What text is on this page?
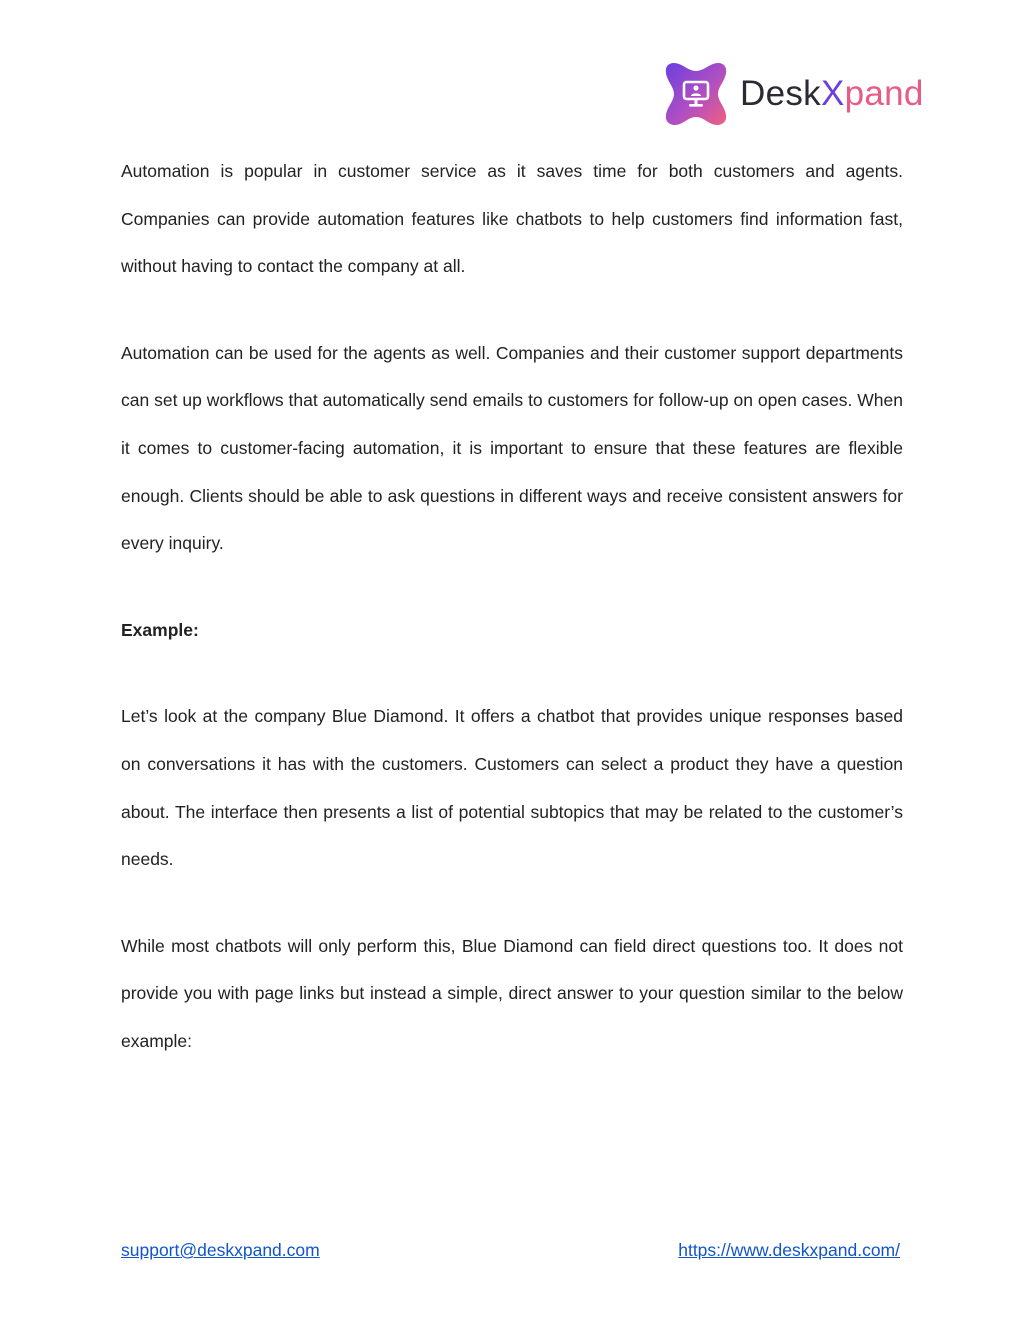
DeskXpand

Automation is popular in customer service as it saves time for both customers and agents. Companies can provide automation features like chatbots to help customers find information fast, without having to contact the company at all.

Automation can be used for the agents as well. Companies and their customer support departments can set up workflows that automatically send emails to customers for follow-up on open cases. When it comes to customer-facing automation, it is important to ensure that these features are flexible enough. Clients should be able to ask questions in different ways and receive consistent answers for every inquiry.

Example:

Let’s look at the company Blue Diamond. It offers a chatbot that provides unique responses based on conversations it has with the customers. Customers can select a product they have a question about. The interface then presents a list of potential subtopics that may be related to the customer’s needs.

While most chatbots will only perform this, Blue Diamond can field direct questions too. It does not provide you with page links but instead a simple, direct answer to your question similar to the below example:

support@deskxpand.com	https://www.deskxpand.com/
